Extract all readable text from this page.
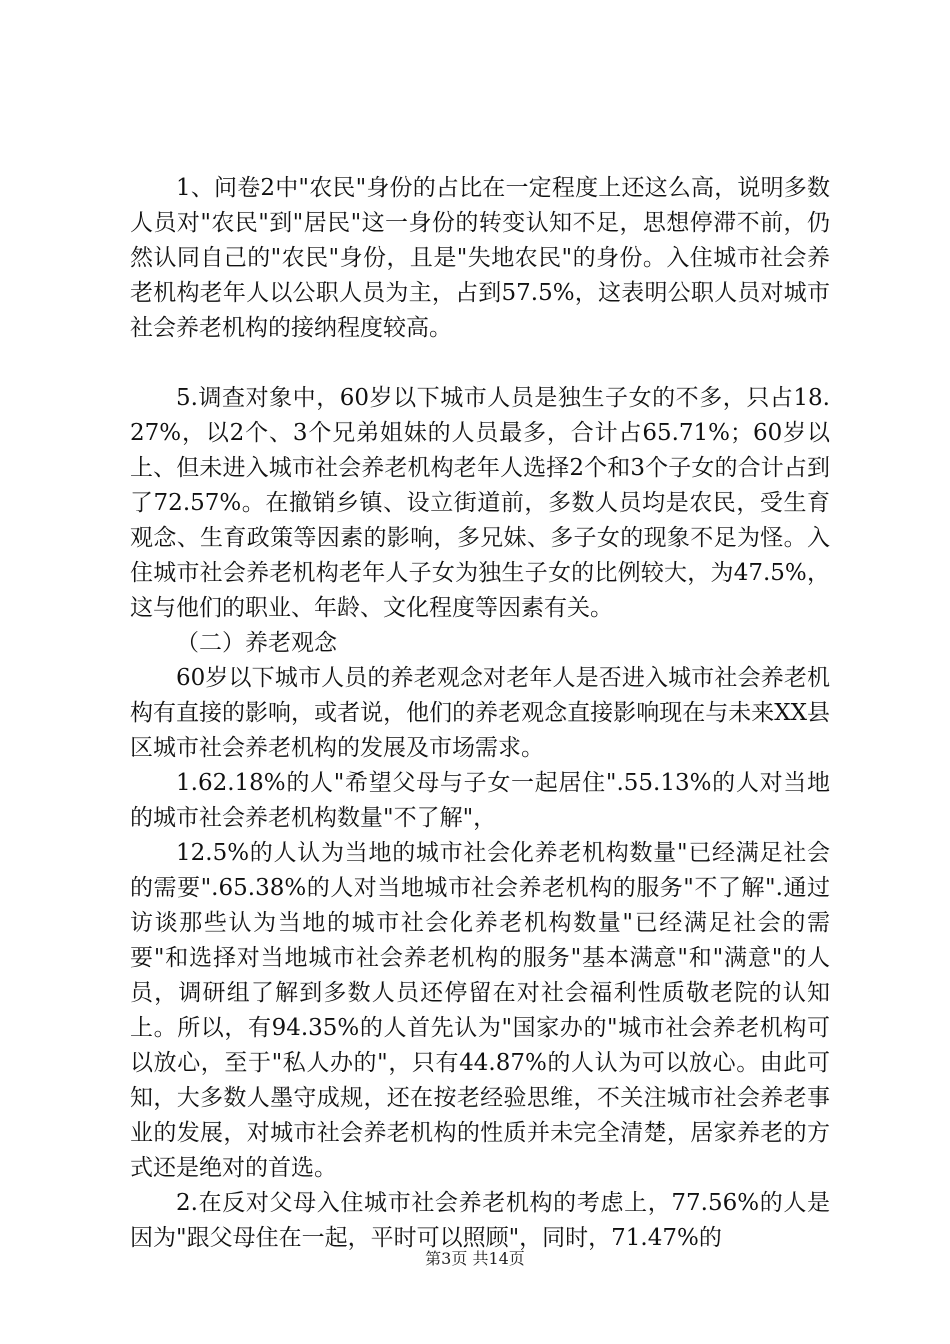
1、问卷2中"农民"身份的占比在一定程度上还这么高，说明多数人员对"农民"到"居民"这一身份的转变认知不足，思想停滞不前，仍然认同自己的"农民"身份，且是"失地农民"的身份。入住城市社会养老机构老年人以公职人员为主，占到57.5%，这表明公职人员对城市社会养老机构的接纳程度较高。

5.调查对象中，60岁以下城市人员是独生子女的不多，只占18.27%，以2个、3个兄弟姐妹的人员最多，合计占65.71%；60岁以上、但未进入城市社会养老机构老年人选择2个和3个子女的合计占到了72.57%。在撤销乡镇、设立街道前，多数人员均是农民，受生育观念、生育政策等因素的影响，多兄妹、多子女的现象不足为怪。入住城市社会养老机构老年人子女为独生子女的比例较大，为47.5%，这与他们的职业、年龄、文化程度等因素有关。

（二）养老观念

60岁以下城市人员的养老观念对老年人是否进入城市社会养老机构有直接的影响，或者说，他们的养老观念直接影响现在与未来XX县区城市社会养老机构的发展及市场需求。

1.62.18%的人"希望父母与子女一起居住".55.13%的人对当地的城市社会养老机构数量"不了解"，

12.5%的人认为当地的城市社会化养老机构数量"已经满足社会的需要".65.38%的人对当地城市社会养老机构的服务"不了解".通过访谈那些认为当地的城市社会化养老机构数量"已经满足社会的需要"和选择对当地城市社会养老机构的服务"基本满意"和"满意"的人员，调研组了解到多数人员还停留在对社会福利性质敬老院的认知上。所以，有94.35%的人首先认为"国家办的"城市社会养老机构可以放心，至于"私人办的"，只有44.87%的人认为可以放心。由此可知，大多数人墨守成规，还在按老经验思维，不关注城市社会养老事业的发展，对城市社会养老机构的性质并未完全清楚，居家养老的方式还是绝对的首选。

2.在反对父母入住城市社会养老机构的考虑上，77.56%的人是因为"跟父母住在一起，平时可以照顾"，同时，71.47%的

第3页 共14页
